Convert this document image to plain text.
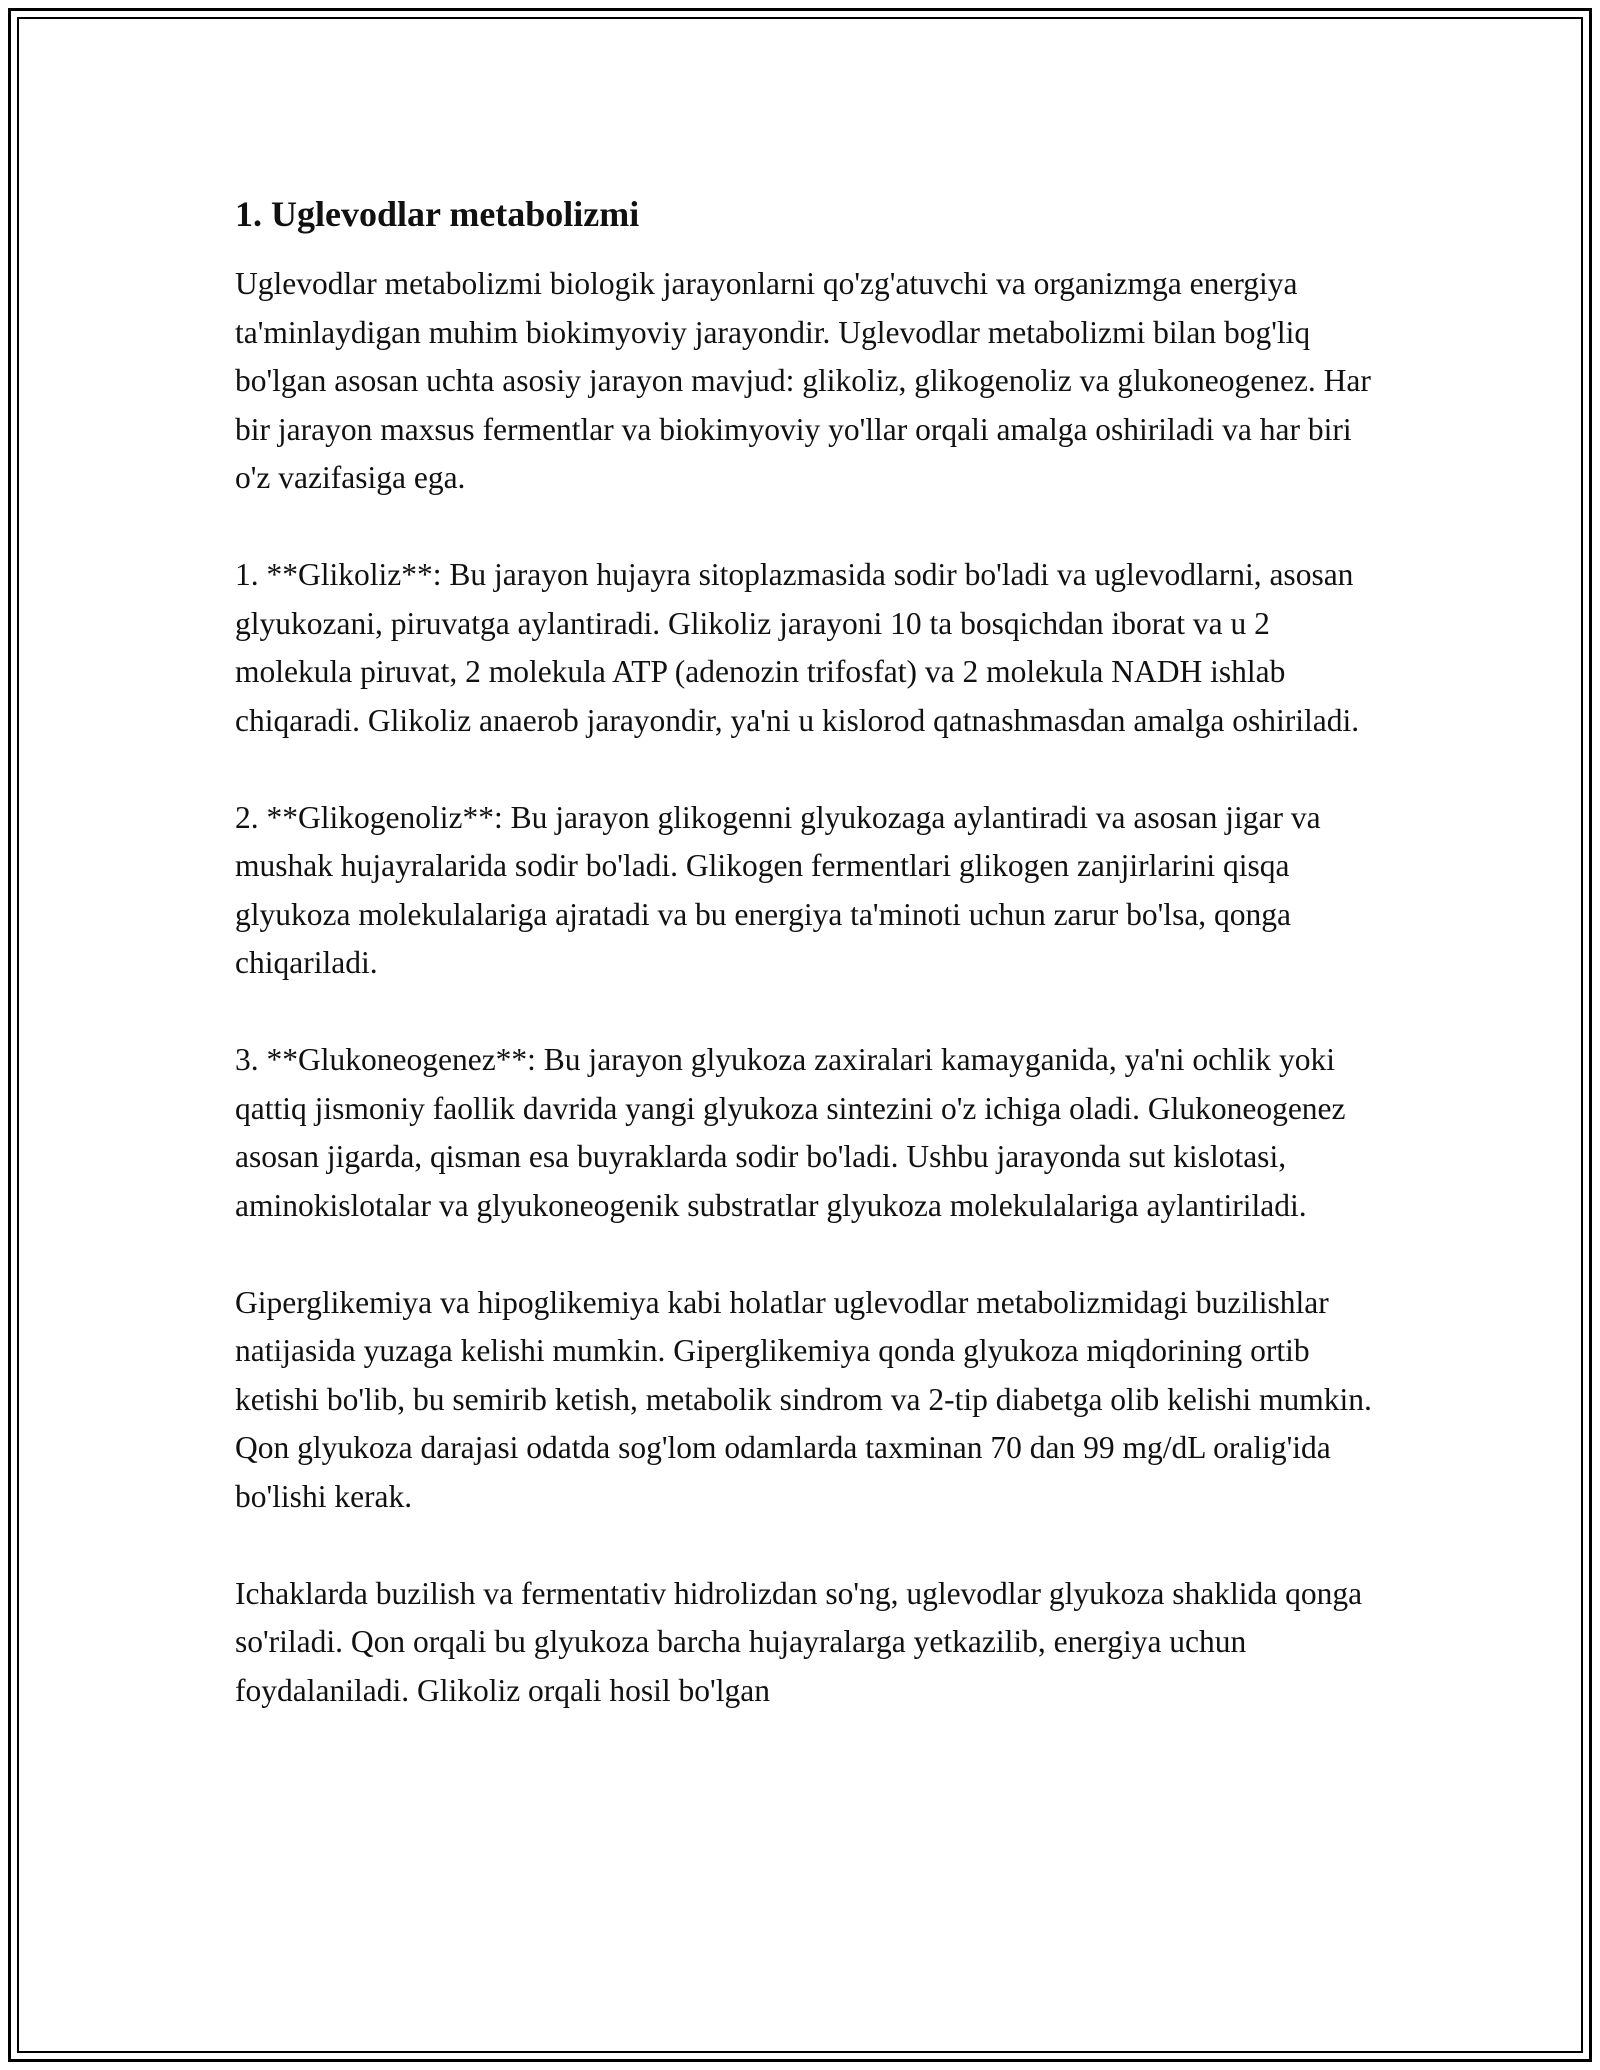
1. Uglevodlar metabolizmi

Uglevodlar metabolizmi biologik jarayonlarni qo'zg'atuvchi va organizmga energiya ta'minlaydigan muhim biokimyoviy jarayondir. Uglevodlar metabolizmi bilan bog'liq bo'lgan asosan uchta asosiy jarayon mavjud: glikoliz, glikogenoliz va glukoneogenez. Har bir jarayon maxsus fermentlar va biokimyoviy yo'llar orqali amalga oshiriladi va har biri o'z vazifasiga ega.

1. **Glikoliz**: Bu jarayon hujayra sitoplazmasida sodir bo'ladi va uglevodlarni, asosan glyukozani, piruvatga aylantiradi. Glikoliz jarayoni 10 ta bosqichdan iborat va u 2 molekula piruvat, 2 molekula ATP (adenozin trifosfat) va 2 molekula NADH ishlab chiqaradi. Glikoliz anaerob jarayondir, ya'ni u kislorod qatnashmasdan amalga oshiriladi.

2. **Glikogenoliz**: Bu jarayon glikogenni glyukozaga aylantiradi va asosan jigar va mushak hujayralarida sodir bo'ladi. Glikogen fermentlari glikogen zanjirlarini qisqa glyukoza molekulalariga ajratadi va bu energiya ta'minoti uchun zarur bo'lsa, qonga chiqariladi.

3. **Glukoneogenez**: Bu jarayon glyukoza zaxiralari kamayganida, ya'ni ochlik yoki qattiq jismoniy faollik davrida yangi glyukoza sintezini o'z ichiga oladi. Glukoneogenez asosan jigarda, qisman esa buyraklarda sodir bo'ladi. Ushbu jarayonda sut kislotasi, aminokislotalar va glyukoneogenik substratlar glyukoza molekulalariga aylantiriladi.

Giperglikemiya va hipoglikemiya kabi holatlar uglevodlar metabolizmidagi buzilishlar natijasida yuzaga kelishi mumkin. Giperglikemiya qonda glyukoza miqdorining ortib ketishi bo'lib, bu semirib ketish, metabolik sindrom va 2-tip diabetga olib kelishi mumkin. Qon glyukoza darajasi odatda sog'lom odamlarda taxminan 70 dan 99 mg/dL oralig'ida bo'lishi kerak.

Ichaklarda buzilish va fermentativ hidrolizdan so'ng, uglevodlar glyukoza shaklida qonga so'riladi. Qon orqali bu glyukoza barcha hujayralarga yetkazilib, energiya uchun foydalaniladi. Glikoliz orqali hosil bo'lgan
